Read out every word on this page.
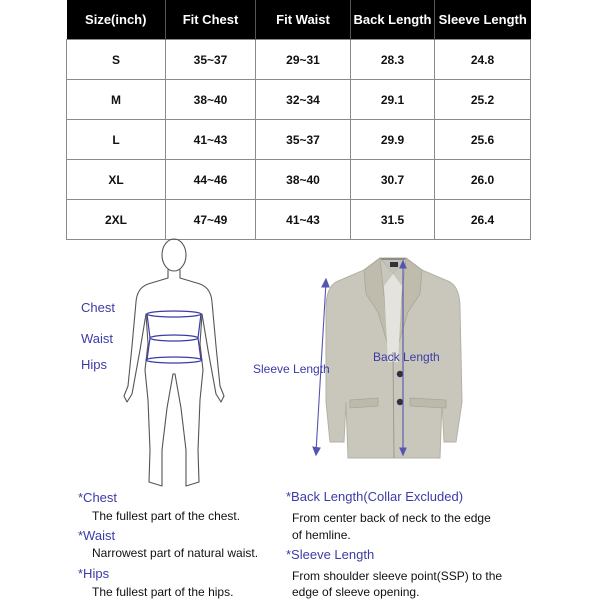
Size(inch)	Fit Chest	Fit Waist	Back Length	Sleeve Length
S	35~37	29~31	28.3	24.8
M	38~40	32~34	29.1	25.2
L	41~43	35~37	29.9	25.6
XL	44~46	38~40	30.7	26.0
2XL	47~49	41~43	31.5	26.4
Chest
Waist
Hips	Sleeve Length
Back Length
*Chest
The fullest part of the chest.
*Waist
Narrowest part of natural waist.
*Hips
The fullest part of the hips.
*Back Length(Collar Excluded)
From center back of neck to the edge
of hemline.
*Sleeve Length
From shoulder sleeve point(SSP) to the
edge of sleeve opening.
